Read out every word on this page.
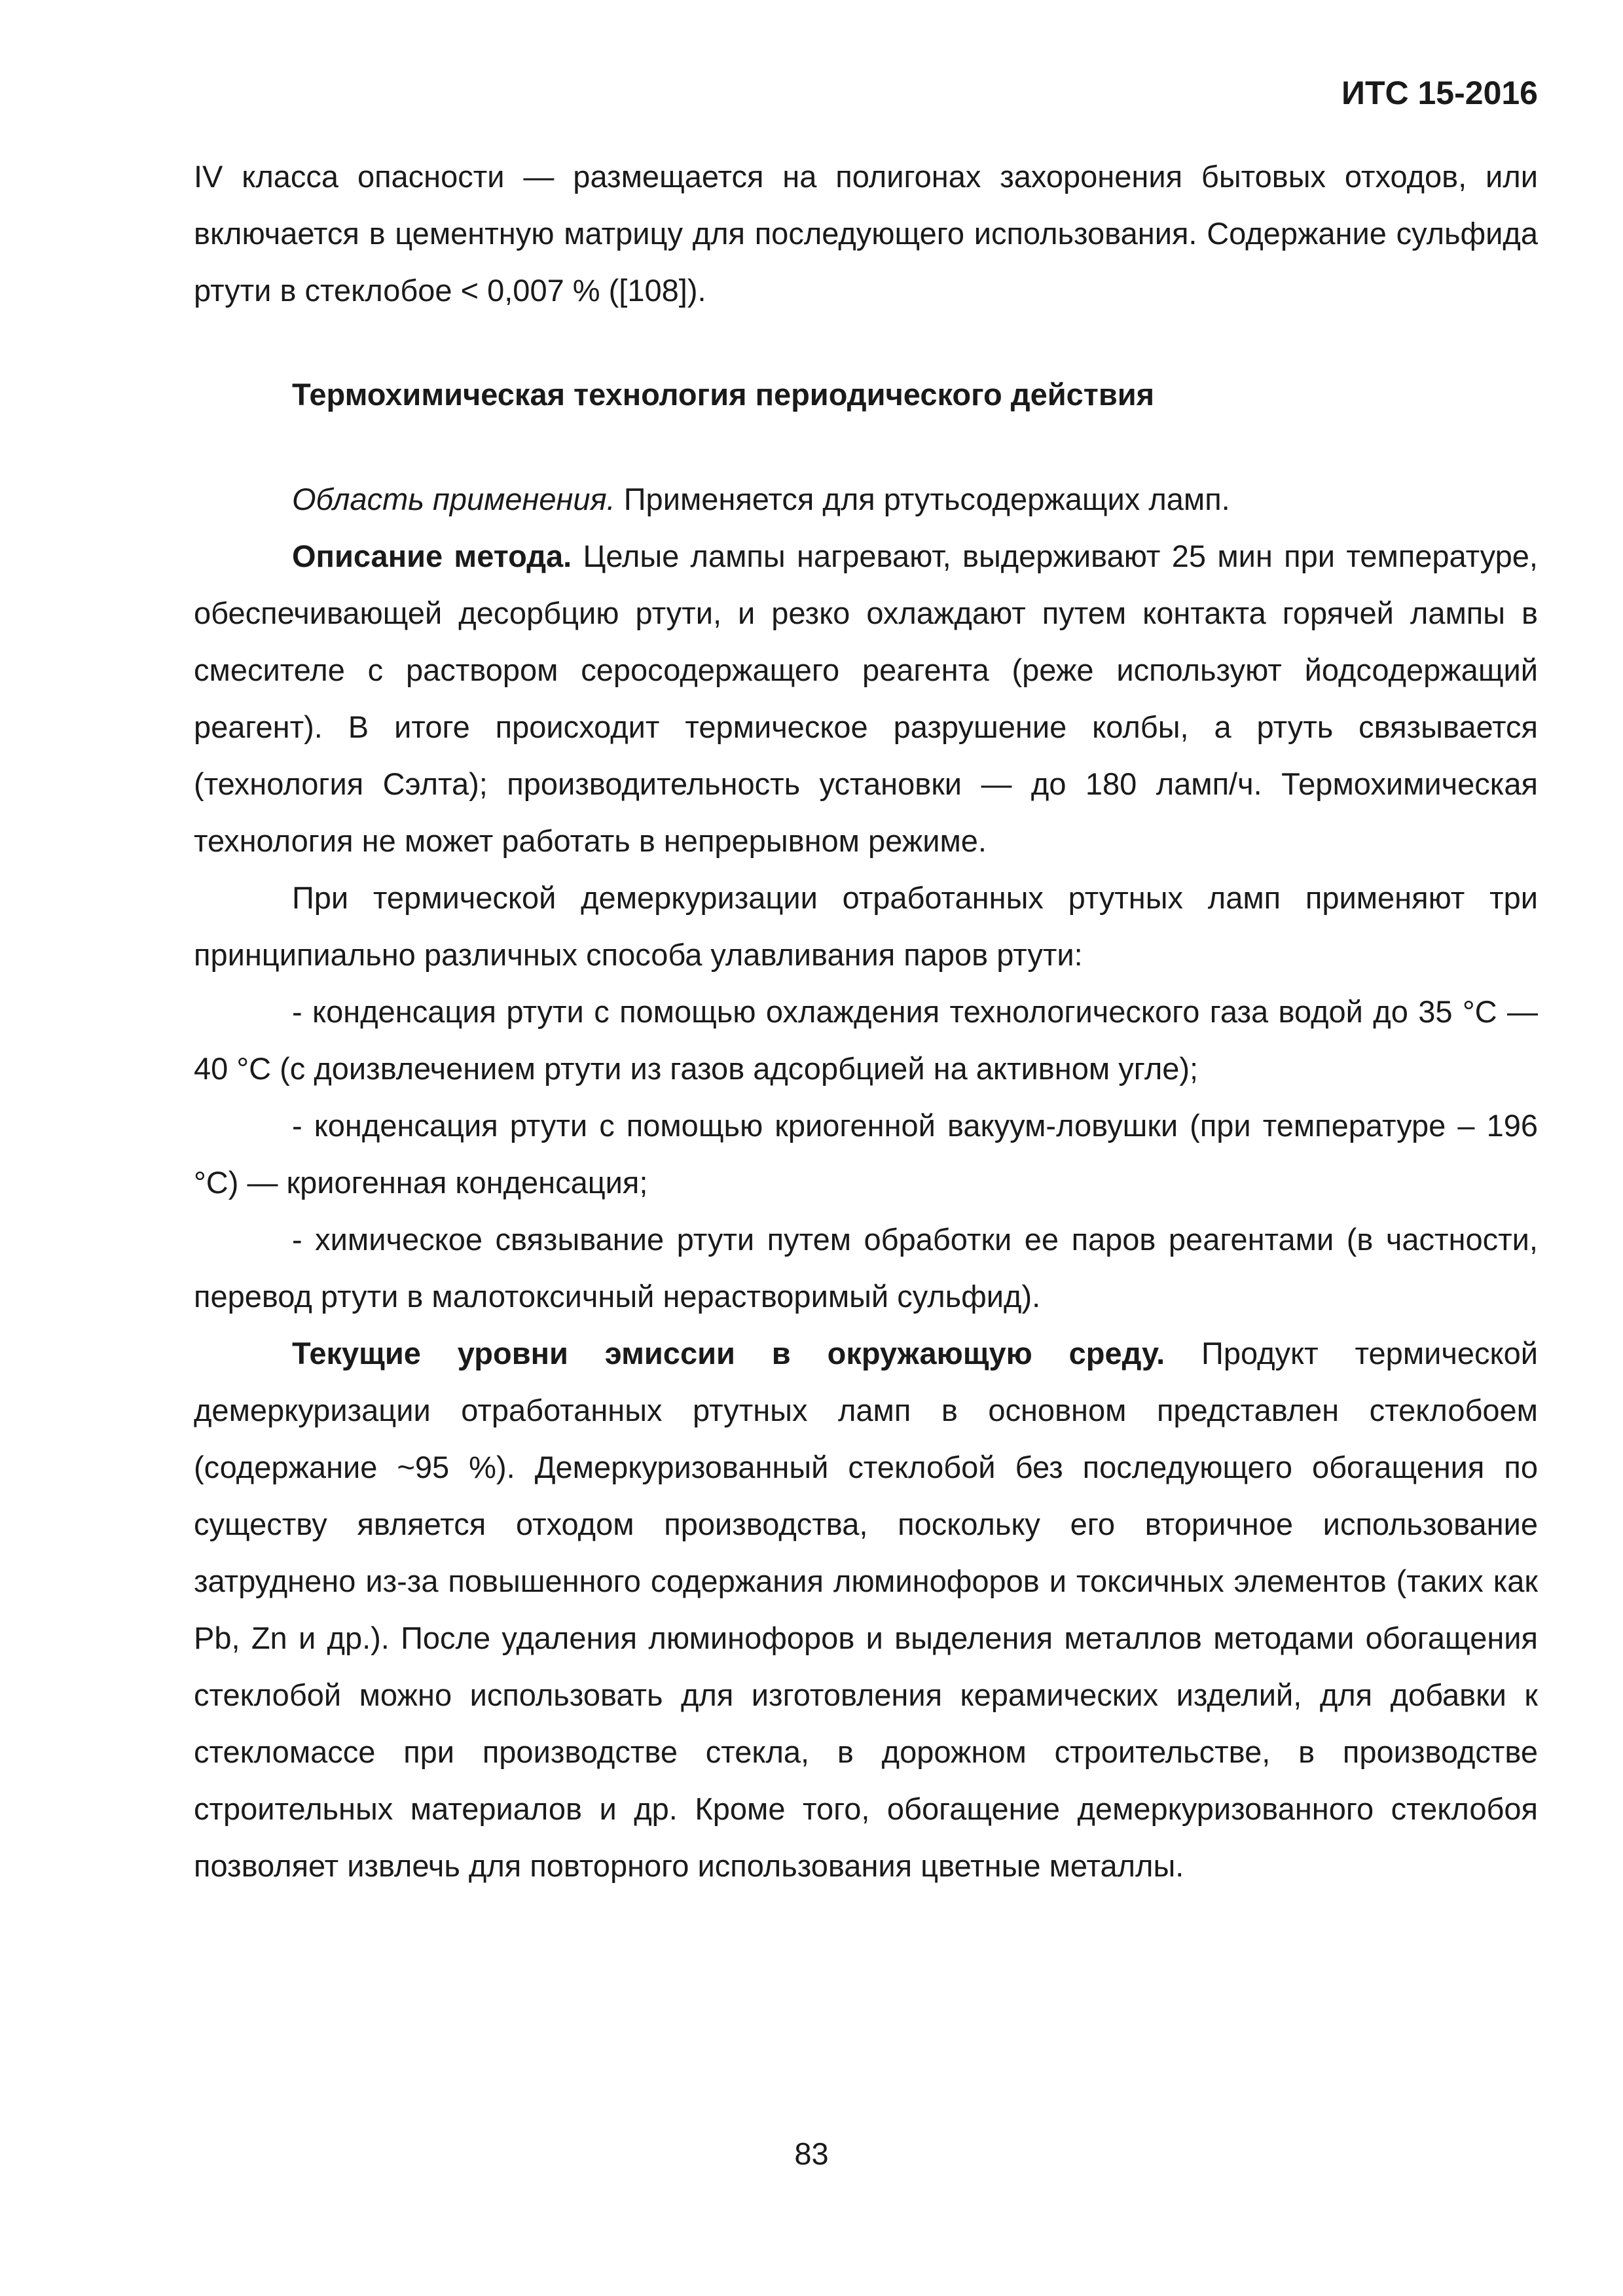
ИТС 15-2016

IV класса опасности — размещается на полигонах захоронения бытовых отходов, или включается в цементную матрицу для последующего использования. Содержание сульфида ртути в стеклобое < 0,007 % ([108]).

Термохимическая технология периодического действия

Область применения. Применяется для ртутьсодержащих ламп.

Описание метода. Целые лампы нагревают, выдерживают 25 мин при температуре, обеспечивающей десорбцию ртути, и резко охлаждают путем контакта горячей лампы в смесителе с раствором серосодержащего реагента (реже используют йодсодержащий реагент). В итоге происходит термическое разрушение колбы, а ртуть связывается (технология Сэлта); производительность установки — до 180 ламп/ч. Термохимическая технология не может работать в непрерывном режиме.

При термической демеркуризации отработанных ртутных ламп применяют три принципиально различных способа улавливания паров ртути:

- конденсация ртути с помощью охлаждения технологического газа водой до 35 °С — 40 °С (с доизвлечением ртути из газов адсорбцией на активном угле);

- конденсация ртути с помощью криогенной вакуум-ловушки (при температуре – 196 °С) — криогенная конденсация;

- химическое связывание ртути путем обработки ее паров реагентами (в частности, перевод ртути в малотоксичный нерастворимый сульфид).

Текущие уровни эмиссии в окружающую среду. Продукт термической демеркуризации отработанных ртутных ламп в основном представлен стеклобоем (содержание ~95 %). Демеркуризованный стеклобой без последующего обогащения по существу является отходом производства, поскольку его вторичное использование затруднено из-за повышенного содержания люминофоров и токсичных элементов (таких как Pb, Zn и др.). После удаления люминофоров и выделения металлов методами обогащения стеклобой можно использовать для изготовления керамических изделий, для добавки к стекломассе при производстве стекла, в дорожном строительстве, в производстве строительных материалов и др. Кроме того, обогащение демеркуризованного стеклобоя позволяет извлечь для повторного использования цветные металлы.

83
